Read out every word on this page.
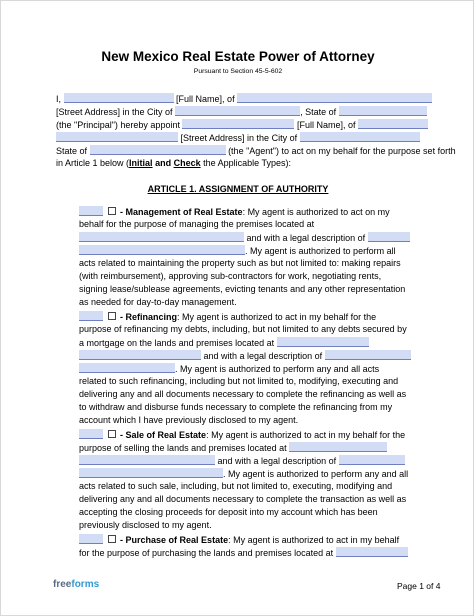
New Mexico Real Estate Power of Attorney
Pursuant to Section 45-5-602
I,	[Full Name], of
[Street Address] in the City of	, State of
(the "Principal") hereby appoint	[Full Name], of
[Street Address] in the City of
State of	(the "Agent") to act on my behalf for the purpose set forth
in Article 1 below (Initial and Check the Applicable Types):
ARTICLE 1. ASSIGNMENT OF AUTHORITY
- Management of Real Estate: My agent is authorized to act on my
behalf for the purpose of managing the premises located at
and with a legal description of
. My agent is authorized to perform all
acts related to maintaining the property such as but not limited to: making repairs
(with reimbursement), approving sub-contractors for work, negotiating rents,
signing lease/sublease agreements, evicting tenants and any other representation
as needed for day-to-day management.
- Refinancing: My agent is authorized to act in my behalf for the
purpose of refinancing my debts, including, but not limited to any debts secured by
a mortgage on the lands and premises located at
and with a legal description of
. My agent is authorized to perform any and all acts
related to such refinancing, including but not limited to, modifying, executing and
delivering any and all documents necessary to complete the refinancing as well as
to withdraw and disburse funds necessary to complete the refinancing from my
account which I have previously disclosed to my agent.
- Sale of Real Estate: My agent is authorized to act in my behalf for the
purpose of selling the lands and premises located at
and with a legal description of
. My agent is authorized to perform any and all
acts related to such sale, including, but not limited to, executing, modifying and
delivering any and all documents necessary to complete the transaction as well as
accepting the closing proceeds for deposit into my account which has been
previously disclosed to my agent.
- Purchase of Real Estate: My agent is authorized to act in my behalf
for the purpose of purchasing the lands and premises located at
freeforms	Page 1 of 4
